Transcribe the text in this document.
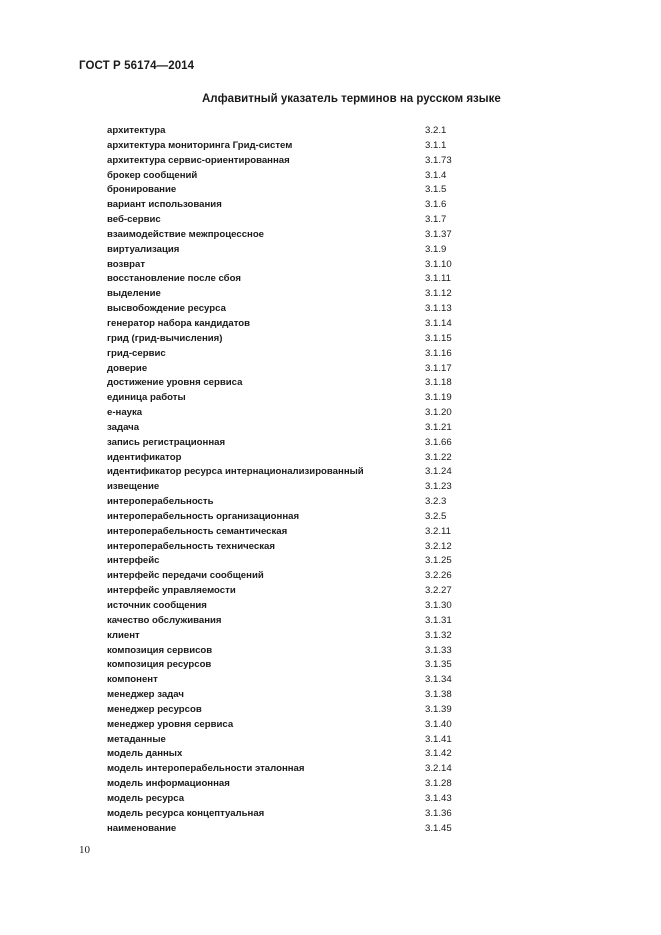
ГОСТ Р 56174—2014
Алфавитный указатель терминов на русском языке
архитектура	3.2.1
архитектура мониторинга Грид-систем	3.1.1
архитектура сервис-ориентированная	3.1.73
брокер сообщений	3.1.4
бронирование	3.1.5
вариант использования	3.1.6
веб-сервис	3.1.7
взаимодействие межпроцессное	3.1.37
виртуализация	3.1.9
возврат	3.1.10
восстановление после сбоя	3.1.11
выделение	3.1.12
высвобождение ресурса	3.1.13
генератор набора кандидатов	3.1.14
грид (грид-вычисления)	3.1.15
грид-сервис	3.1.16
доверие	3.1.17
достижение уровня сервиса	3.1.18
единица работы	3.1.19
е-наука	3.1.20
задача	3.1.21
запись регистрационная	3.1.66
идентификатор	3.1.22
идентификатор ресурса интернационализированный	3.1.24
извещение	3.1.23
интероперабельность	3.2.3
интероперабельность организационная	3.2.5
интероперабельность семантическая	3.2.11
интероперабельность техническая	3.2.12
интерфейс	3.1.25
интерфейс передачи сообщений	3.2.26
интерфейс управляемости	3.2.27
источник сообщения	3.1.30
качество обслуживания	3.1.31
клиент	3.1.32
композиция сервисов	3.1.33
композиция ресурсов	3.1.35
компонент	3.1.34
менеджер задач	3.1.38
менеджер ресурсов	3.1.39
менеджер уровня сервиса	3.1.40
метаданные	3.1.41
модель данных	3.1.42
модель интероперабельности эталонная	3.2.14
модель информационная	3.1.28
модель ресурса	3.1.43
модель ресурса концептуальная	3.1.36
наименование	3.1.45
10
